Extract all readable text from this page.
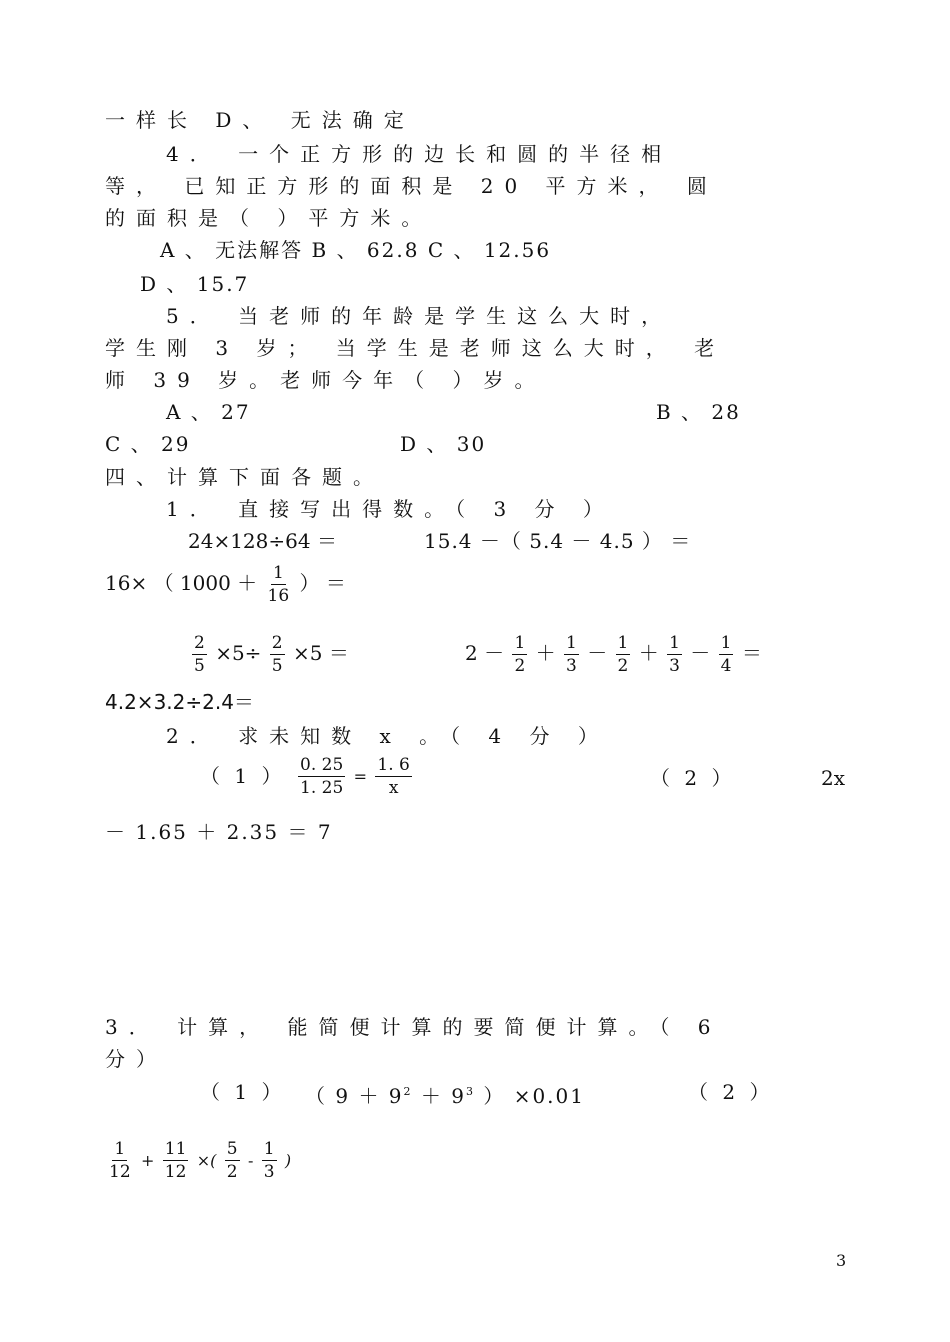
一样长 D、 无法确定
4． 一个正方形的边长和圆的半径相
等， 已知正方形的面积是 20 平方米， 圆
的面积是（ ）平方米。
A 、 无法解答 B 、 62.8 C 、 12.56
D 、 15.7
5． 当老师的年龄是学生这么大时，
学生刚 3 岁； 当学生是老师这么大时， 老
师 39 岁。老师今年（ ）岁。
A 、 27	B 、 28
C 、 29	D 、 30
四、计算下面各题。
1． 直接写出得数。（ 3 分 ）
24×128÷64 ＝	15.4 －（ 5.4 － 4.5 ） ＝
16× （ $1000 + \frac{1}{16}$ ） ＝
$\frac{2}{5} \times 5\div \frac{2}{5} \times 5$ ＝	$2 - \frac{1}{2} + \frac{1}{3} - \frac{1}{2} + \frac{1}{3} - \frac{1}{4}$ ＝
4.2×3.2÷2.4＝
2． 求未知数 x 。（ 4 分 ）
（ 1 ） $\frac{0. 25}{1. 25} = \frac{1. 6}{x}$	（ 2 ）	2x
－ 1.65 ＋ 2.35 ＝ 7
3． 计算， 能简便计算的要简便计算。（ 6
分）
（ 1 ） （ $9 + 9^2 + 9^3$ ） ×0.01	（ 2 ）
$\frac{1}{12} + \frac{11}{12}$ ×( $\frac{5}{2} - \frac{1}{3}$ )
3
